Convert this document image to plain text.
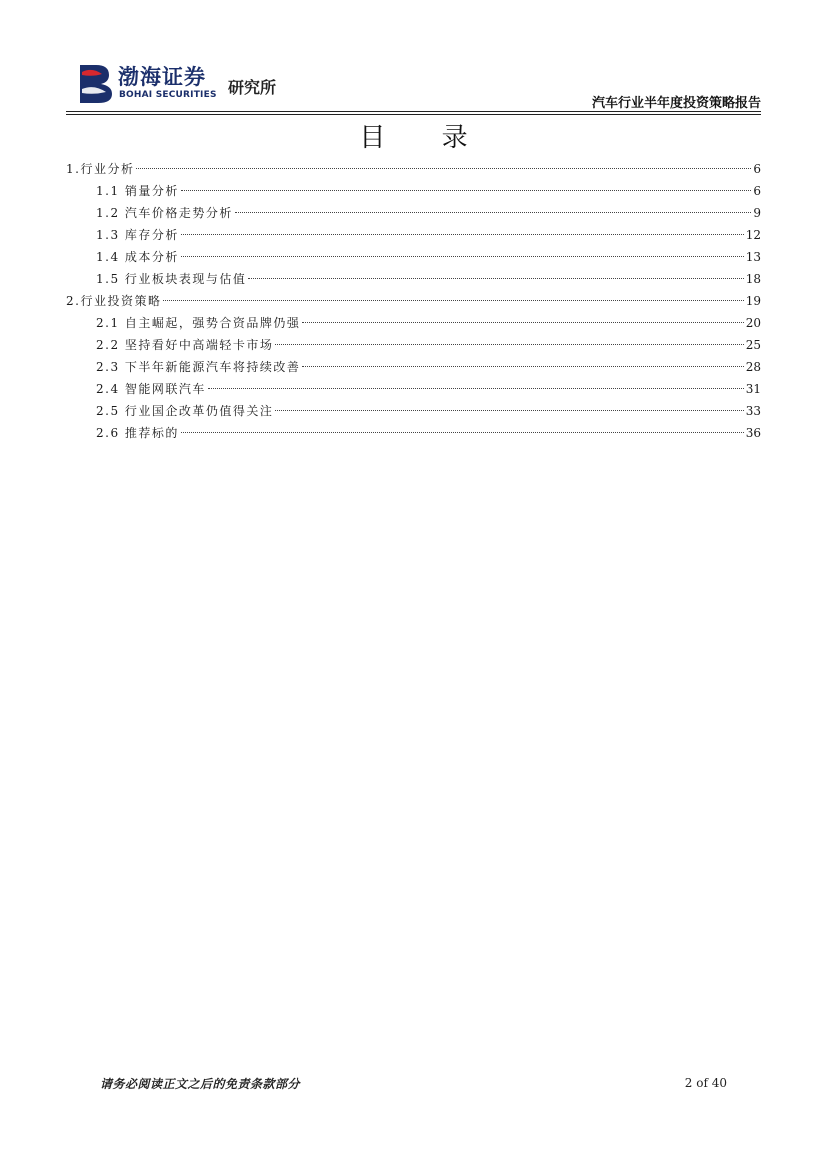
渤海证券
BOHAI SECURITIES 研究所
汽车行业半年度投资策略报告
目 录
1.行业分析	6
1.1 销量分析	6
1.2 汽车价格走势分析	9
1.3 库存分析	12
1.4 成本分析	13
1.5 行业板块表现与估值	18
2.行业投资策略	19
2.1 自主崛起，强势合资品牌仍强	20
2.2 坚持看好中高端轻卡市场	25
2.3 下半年新能源汽车将持续改善	28
2.4 智能网联汽车	31
2.5 行业国企改革仍值得关注	33
2.6 推荐标的	36
请务必阅读正文之后的免责条款部分	2 of 40
